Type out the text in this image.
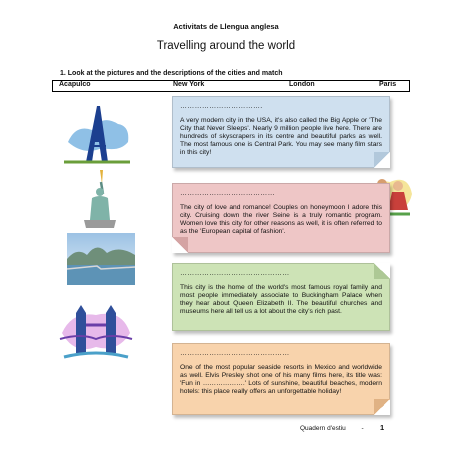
Activitats de Llengua anglesa
Travelling around the world
1. Look at the pictures and the descriptions of the cities and match
Acapulco	New York	London	Paris
…………………………….

A very modern city in the USA, it's also called the Big Apple or 'The City that Never Sleeps'. Nearly 9 million people live here. There are hundreds of skyscrapers in its centre and beautiful parks as well. The most famous one is Central Park. You may see many film stars in this city!

…………………………………

The city of love and romance! Couples on honeymoon I adore this city. Cruising down the river Seine is a truly romantic program. Women love this city for other reasons as well, it is often referred to as the 'European capital of fashion'.

………………………………………

This city is the home of the world's most famous royal family and most people immediately associate to Buckingham Palace when they hear about Queen Elizabeth II. The beautiful churches and museums here all tell us a lot about the city's rich past.

………………………………………

One of the most popular seaside resorts in Mexico and worldwide as well. Elvis Presley shot one of his many films here, its title was: 'Fun in ……………….' Lots of sunshine, beautiful beaches, modern hotels: this place really offers an unforgettable holiday!

Quadern d'estiu - 1
